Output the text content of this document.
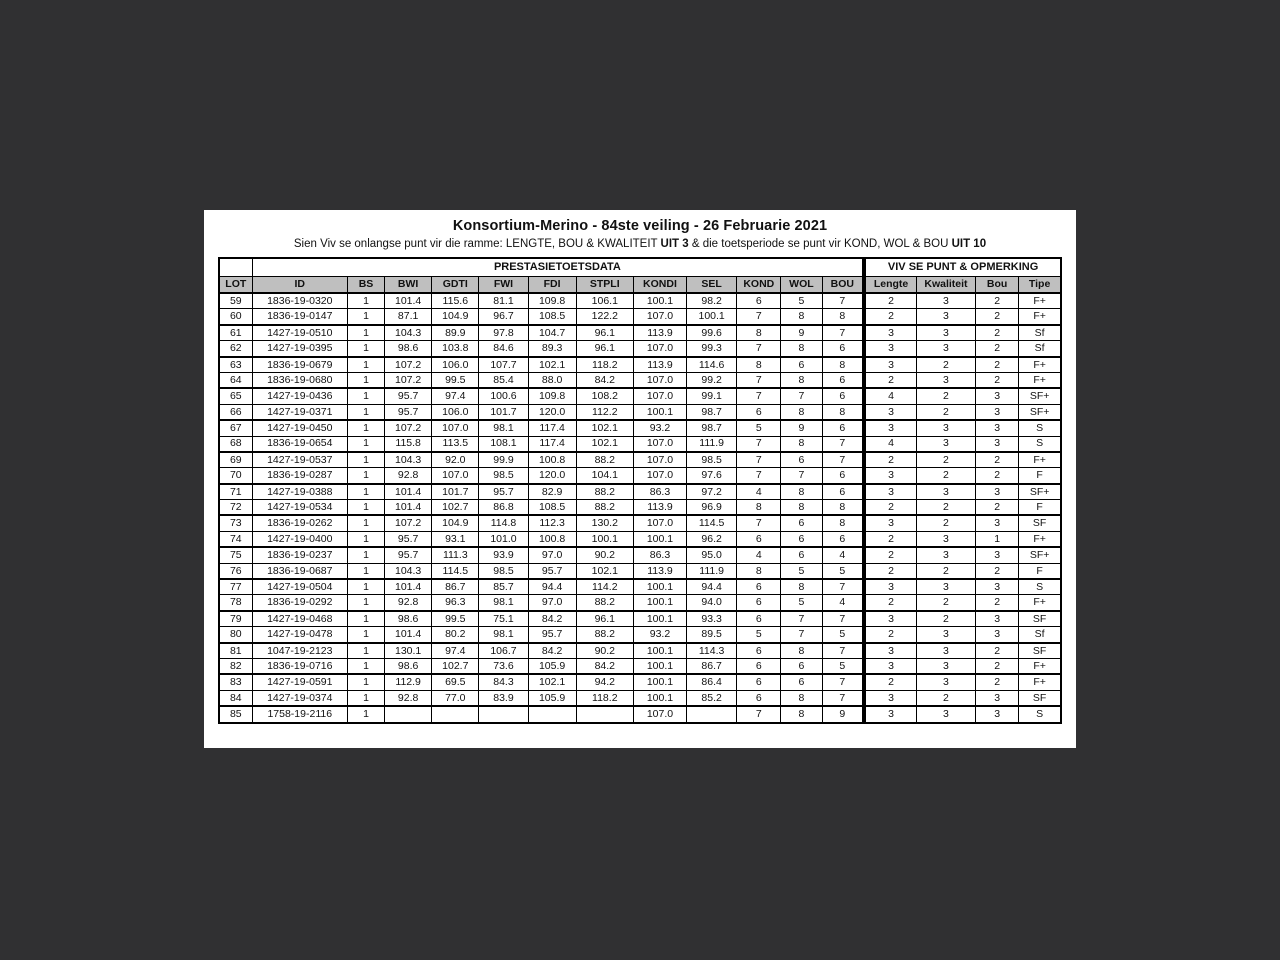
Konsortium-Merino - 84ste veiling - 26 Februarie 2021
Sien Viv se onlangse punt vir die ramme: LENGTE, BOU & KWALITEIT UIT 3 & die toetsperiode se punt vir KOND, WOL & BOU UIT 10
	PRESTASIETOETSDATA												VIV SE PUNT & OPMERKING			
LOT	ID	BS	BWI	GDTI	FWI	FDI	STPLI	KONDI	SEL	KOND	WOL	BOU	Lengte	Kwaliteit	Bou	Tipe
59	1836-19-0320	1	101.4	115.6	81.1	109.8	106.1	100.1	98.2	6	5	7	2	3	2	F+
60	1836-19-0147	1	87.1	104.9	96.7	108.5	122.2	107.0	100.1	7	8	8	2	3	2	F+
61	1427-19-0510	1	104.3	89.9	97.8	104.7	96.1	113.9	99.6	8	9	7	3	3	2	Sf
62	1427-19-0395	1	98.6	103.8	84.6	89.3	96.1	107.0	99.3	7	8	6	3	3	2	Sf
63	1836-19-0679	1	107.2	106.0	107.7	102.1	118.2	113.9	114.6	8	6	8	3	2	2	F+
64	1836-19-0680	1	107.2	99.5	85.4	88.0	84.2	107.0	99.2	7	8	6	2	3	2	F+
65	1427-19-0436	1	95.7	97.4	100.6	109.8	108.2	107.0	99.1	7	7	6	4	2	3	SF+
66	1427-19-0371	1	95.7	106.0	101.7	120.0	112.2	100.1	98.7	6	8	8	3	2	3	SF+
67	1427-19-0450	1	107.2	107.0	98.1	117.4	102.1	93.2	98.7	5	9	6	3	3	3	S
68	1836-19-0654	1	115.8	113.5	108.1	117.4	102.1	107.0	111.9	7	8	7	4	3	3	S
69	1427-19-0537	1	104.3	92.0	99.9	100.8	88.2	107.0	98.5	7	6	7	2	2	2	F+
70	1836-19-0287	1	92.8	107.0	98.5	120.0	104.1	107.0	97.6	7	7	6	3	2	2	F
71	1427-19-0388	1	101.4	101.7	95.7	82.9	88.2	86.3	97.2	4	8	6	3	3	3	SF+
72	1427-19-0534	1	101.4	102.7	86.8	108.5	88.2	113.9	96.9	8	8	8	2	2	2	F
73	1836-19-0262	1	107.2	104.9	114.8	112.3	130.2	107.0	114.5	7	6	8	3	2	3	SF
74	1427-19-0400	1	95.7	93.1	101.0	100.8	100.1	100.1	96.2	6	6	6	2	3	1	F+
75	1836-19-0237	1	95.7	111.3	93.9	97.0	90.2	86.3	95.0	4	6	4	2	3	3	SF+
76	1836-19-0687	1	104.3	114.5	98.5	95.7	102.1	113.9	111.9	8	5	5	2	2	2	F
77	1427-19-0504	1	101.4	86.7	85.7	94.4	114.2	100.1	94.4	6	8	7	3	3	3	S
78	1836-19-0292	1	92.8	96.3	98.1	97.0	88.2	100.1	94.0	6	5	4	2	2	2	F+
79	1427-19-0468	1	98.6	99.5	75.1	84.2	96.1	100.1	93.3	6	7	7	3	2	3	SF
80	1427-19-0478	1	101.4	80.2	98.1	95.7	88.2	93.2	89.5	5	7	5	2	3	3	Sf
81	1047-19-2123	1	130.1	97.4	106.7	84.2	90.2	100.1	114.3	6	8	7	3	3	2	SF
82	1836-19-0716	1	98.6	102.7	73.6	105.9	84.2	100.1	86.7	6	6	5	3	3	2	F+
83	1427-19-0591	1	112.9	69.5	84.3	102.1	94.2	100.1	86.4	6	6	7	2	3	2	F+
84	1427-19-0374	1	92.8	77.0	83.9	105.9	118.2	100.1	85.2	6	8	7	3	2	3	SF
85	1758-19-2116	1						107.0		7	8	9	3	3	3	S
